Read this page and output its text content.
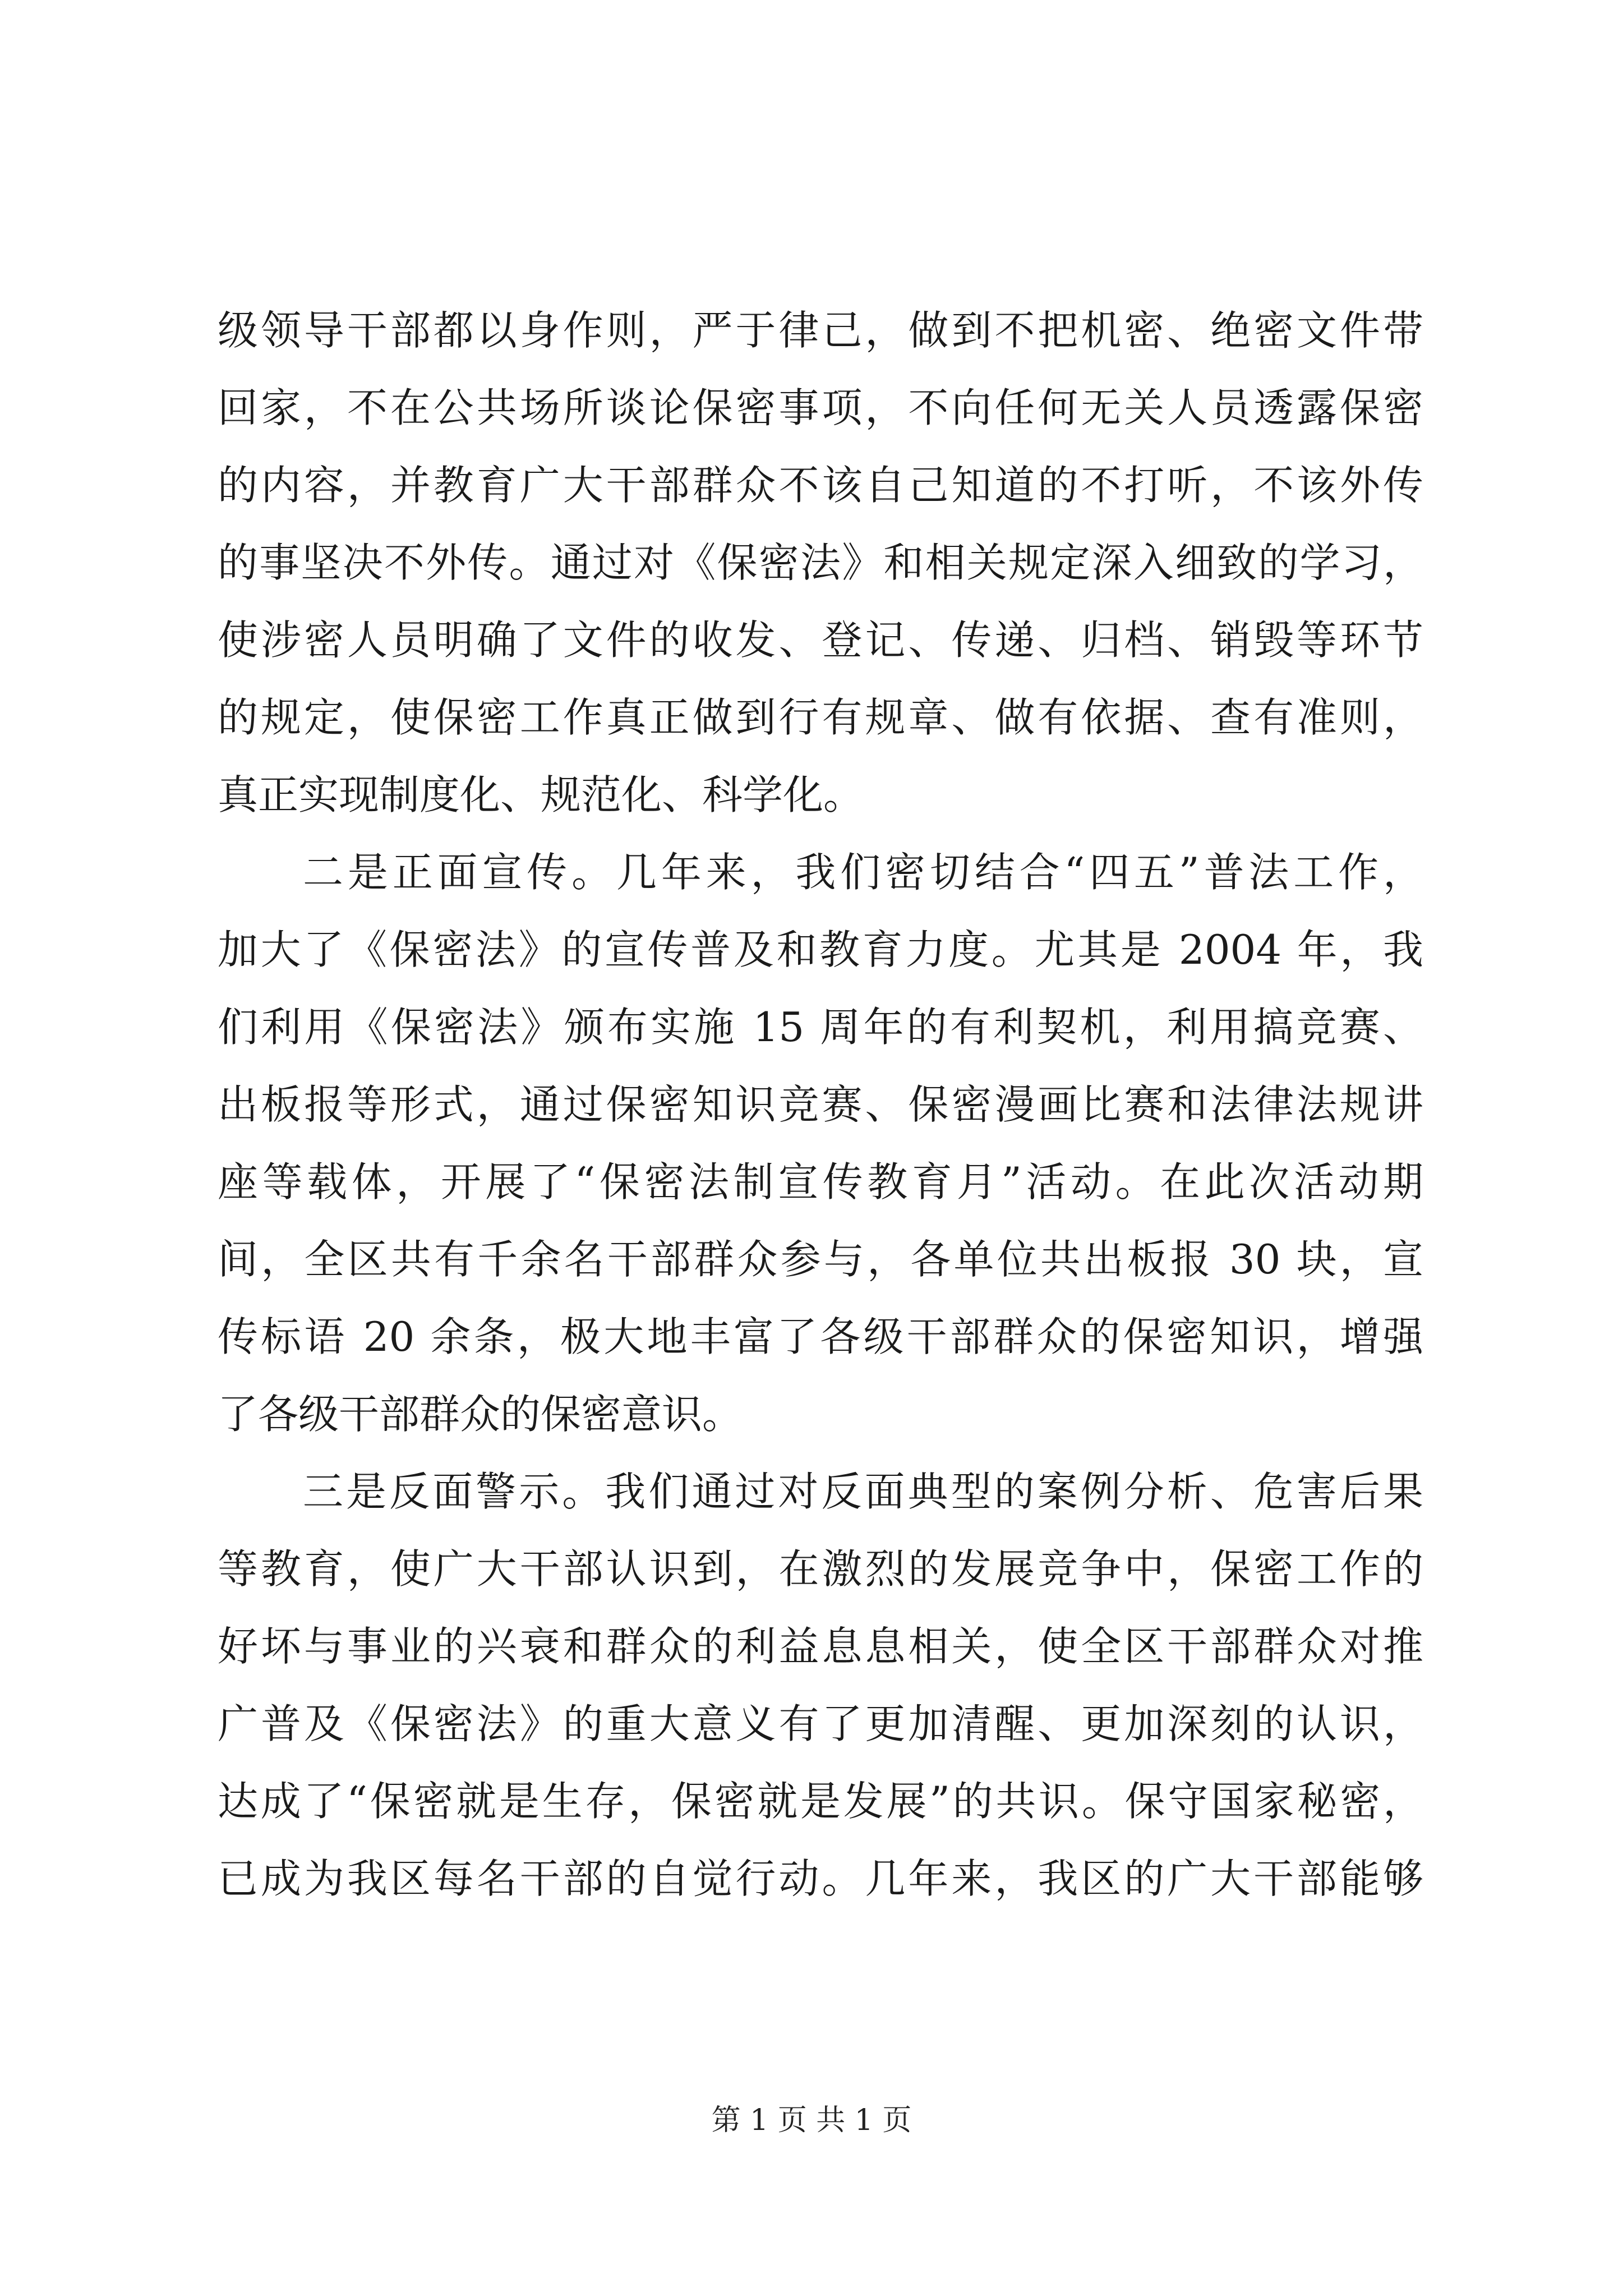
级领导干部都以身作则，严于律己，做到不把机密、绝密文件带
回家，不在公共场所谈论保密事项，不向任何无关人员透露保密
的内容，并教育广大干部群众不该自己知道的不打听，不该外传
的事坚决不外传。通过对《保密法》和相关规定深入细致的学习，
使涉密人员明确了文件的收发、登记、传递、归档、销毁等环节
的规定，使保密工作真正做到行有规章、做有依据、查有准则，
真正实现制度化、规范化、科学化。
二是正面宣传。几年来，我们密切结合“四五”普法工作，
加大了《保密法》的宣传普及和教育力度。尤其是 2004 年，我
们利用《保密法》颁布实施 15 周年的有利契机，利用搞竞赛、
出板报等形式，通过保密知识竞赛、保密漫画比赛和法律法规讲
座等载体，开展了“保密法制宣传教育月”活动。在此次活动期
间，全区共有千余名干部群众参与，各单位共出板报 30 块，宣
传标语 20 余条，极大地丰富了各级干部群众的保密知识，增强
了各级干部群众的保密意识。
三是反面警示。我们通过对反面典型的案例分析、危害后果
等教育，使广大干部认识到，在激烈的发展竞争中，保密工作的
好坏与事业的兴衰和群众的利益息息相关，使全区干部群众对推
广普及《保密法》的重大意义有了更加清醒、更加深刻的认识，
达成了“保密就是生存，保密就是发展”的共识。保守国家秘密，
已成为我区每名干部的自觉行动。几年来，我区的广大干部能够
第 1 页 共 1 页
